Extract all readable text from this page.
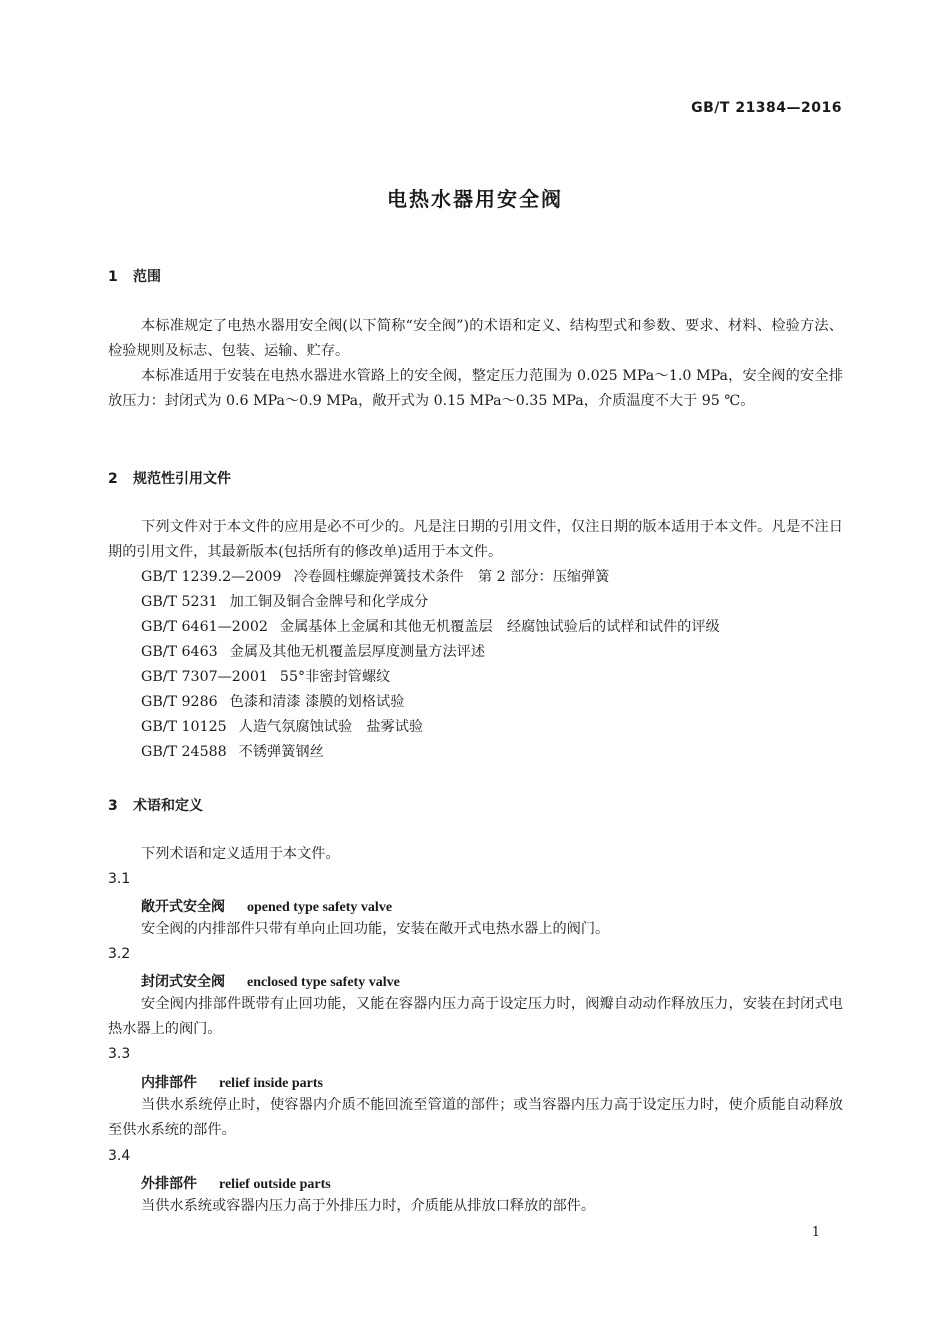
GB/T 21384—2016
电热水器用安全阀
1 范围
本标准规定了电热水器用安全阀(以下简称“安全阀”)的术语和定义、结构型式和参数、要求、材料、检验方法、检验规则及标志、包装、运输、贮存。
本标准适用于安装在电热水器进水管路上的安全阀，整定压力范围为 0.025 MPa～1.0 MPa，安全阀的安全排放压力：封闭式为 0.6 MPa～0.9 MPa，敞开式为 0.15 MPa～0.35 MPa，介质温度不大于 95 ℃。
2 规范性引用文件
下列文件对于本文件的应用是必不可少的。凡是注日期的引用文件，仅注日期的版本适用于本文件。凡是不注日期的引用文件，其最新版本(包括所有的修改单)适用于本文件。
GB/T 1239.2—2009 冷卷圆柱螺旋弹簧技术条件　第 2 部分：压缩弹簧
GB/T 5231 加工铜及铜合金牌号和化学成分
GB/T 6461—2002 金属基体上金属和其他无机覆盖层　经腐蚀试验后的试样和试件的评级
GB/T 6463 金属及其他无机覆盖层厚度测量方法评述
GB/T 7307—2001 55°非密封管螺纹
GB/T 9286 色漆和清漆 漆膜的划格试验
GB/T 10125 人造气氛腐蚀试验　盐雾试验
GB/T 24588 不锈弹簧钢丝
3 术语和定义
下列术语和定义适用于本文件。
3.1
敞开式安全阀 opened type safety valve
安全阀的内排部件只带有单向止回功能，安装在敞开式电热水器上的阀门。
3.2
封闭式安全阀 enclosed type safety valve
安全阀内排部件既带有止回功能，又能在容器内压力高于设定压力时，阀瓣自动动作释放压力，安装在封闭式电热水器上的阀门。
3.3
内排部件 relief inside parts
当供水系统停止时，使容器内介质不能回流至管道的部件；或当容器内压力高于设定压力时，使介质能自动释放至供水系统的部件。
3.4
外排部件 relief outside parts
当供水系统或容器内压力高于外排压力时，介质能从排放口释放的部件。
1
